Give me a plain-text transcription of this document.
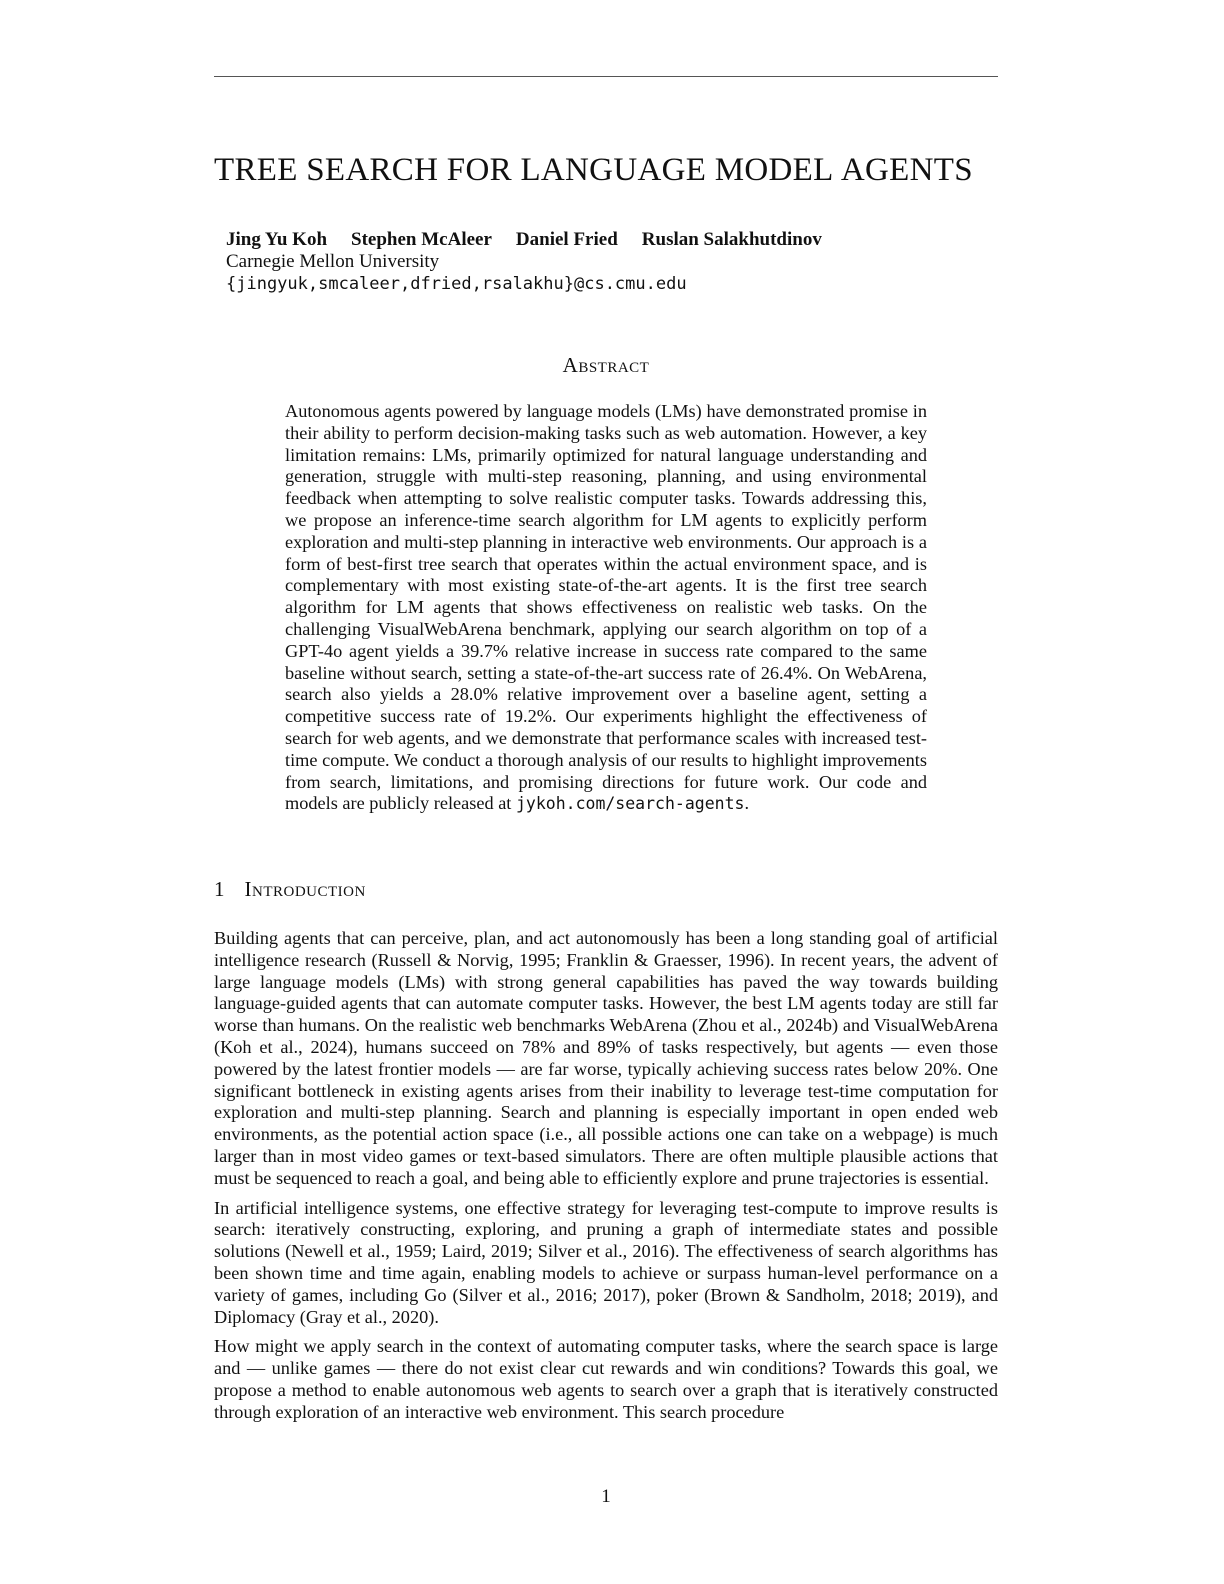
TREE SEARCH FOR LANGUAGE MODEL AGENTS
Jing Yu Koh Stephen McAleer Daniel Fried Ruslan Salakhutdinov
Carnegie Mellon University
{jingyuk,smcaleer,dfried,rsalakhu}@cs.cmu.edu
Abstract

Autonomous agents powered by language models (LMs) have demonstrated promise in their ability to perform decision-making tasks such as web automation. However, a key limitation remains: LMs, primarily optimized for natural language understanding and generation, struggle with multi-step reasoning, planning, and using environmental feedback when attempting to solve realistic computer tasks. Towards addressing this, we propose an inference-time search algorithm for LM agents to explicitly perform exploration and multi-step planning in interactive web environments. Our approach is a form of best-first tree search that operates within the actual environment space, and is complementary with most existing state-of-the-art agents. It is the first tree search algorithm for LM agents that shows effectiveness on realistic web tasks. On the challenging VisualWebArena benchmark, applying our search algorithm on top of a GPT-4o agent yields a 39.7% relative increase in success rate compared to the same baseline without search, setting a state-of-the-art success rate of 26.4%. On WebArena, search also yields a 28.0% relative improvement over a baseline agent, setting a competitive success rate of 19.2%. Our experiments highlight the effectiveness of search for web agents, and we demonstrate that performance scales with increased test-time compute. We conduct a thorough analysis of our results to highlight improvements from search, limitations, and promising directions for future work. Our code and models are publicly released at jykoh.com/search-agents.

1 Introduction

Building agents that can perceive, plan, and act autonomously has been a long standing goal of artificial intelligence research (Russell & Norvig, 1995; Franklin & Graesser, 1996). In recent years, the advent of large language models (LMs) with strong general capabilities has paved the way towards building language-guided agents that can automate computer tasks. However, the best LM agents today are still far worse than humans. On the realistic web benchmarks WebArena (Zhou et al., 2024b) and VisualWebArena (Koh et al., 2024), humans succeed on 78% and 89% of tasks respectively, but agents — even those powered by the latest frontier models — are far worse, typically achieving success rates below 20%. One significant bottleneck in existing agents arises from their inability to leverage test-time computation for exploration and multi-step planning. Search and planning is especially important in open ended web environments, as the potential action space (i.e., all possible actions one can take on a webpage) is much larger than in most video games or text-based simulators. There are often multiple plausible actions that must be sequenced to reach a goal, and being able to efficiently explore and prune trajectories is essential.

In artificial intelligence systems, one effective strategy for leveraging test-compute to improve results is search: iteratively constructing, exploring, and pruning a graph of intermediate states and possible solutions (Newell et al., 1959; Laird, 2019; Silver et al., 2016). The effectiveness of search algorithms has been shown time and time again, enabling models to achieve or surpass human-level performance on a variety of games, including Go (Silver et al., 2016; 2017), poker (Brown & Sandholm, 2018; 2019), and Diplomacy (Gray et al., 2020).

How might we apply search in the context of automating computer tasks, where the search space is large and — unlike games — there do not exist clear cut rewards and win conditions? Towards this goal, we propose a method to enable autonomous web agents to search over a graph that is iteratively constructed through exploration of an interactive web environment. This search procedure

1
